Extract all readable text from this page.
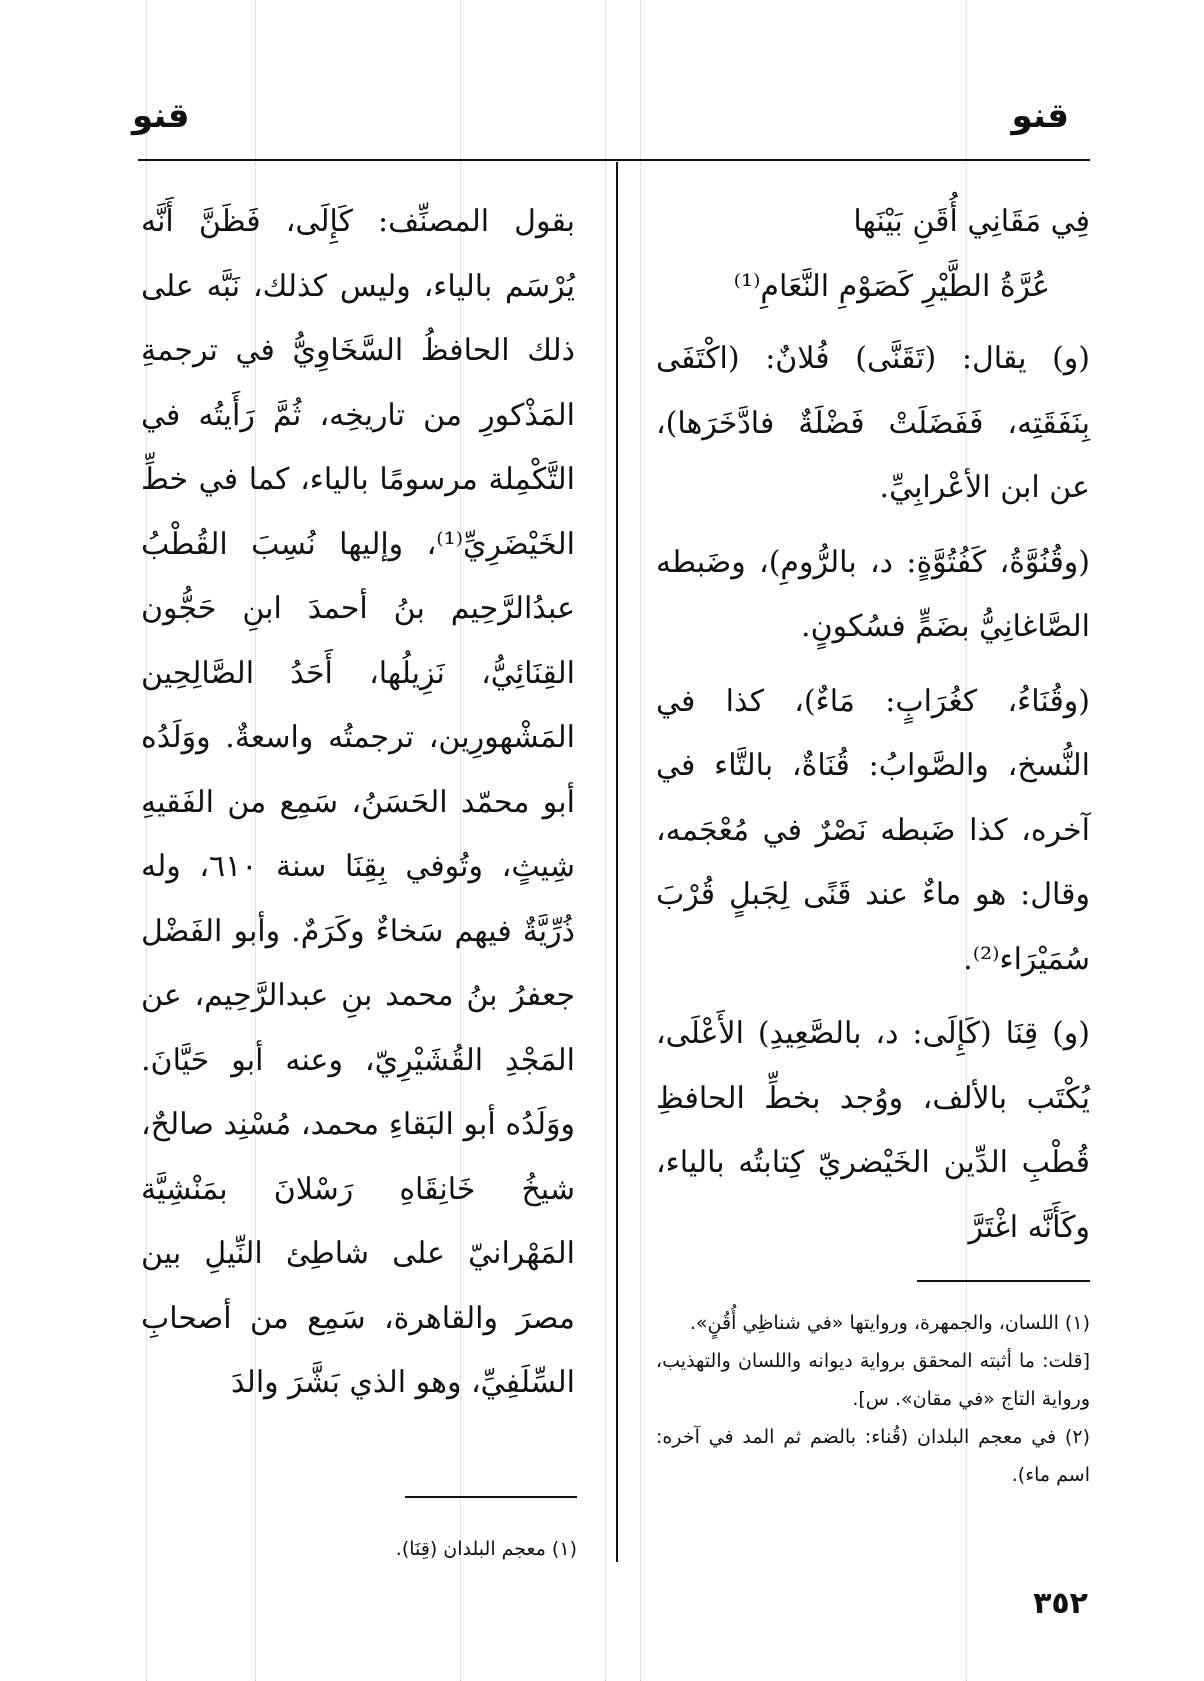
قنو
قنو

فِي مَقَانِي أُقَنِ بَيْنَها

عُرَّةُ الطَّيْرِ كَصَوْمِ النَّعَامِ⁽¹⁾

(و) يقال: (تَقَنَّى) فُلانٌ: (اكْتَفَى بِنَفَقَتِه، فَفَضَلَتْ فَضْلَةٌ فادَّخَرَها)، عن ابن الأعْرابِيِّ.

(وقُنُوَّةُ، كَفُتُوَّةٍ: د، بالرُّومِ)، وضَبطه الصَّاغانِيُّ بضَمٍّ فسُكونٍ.

(وقُنَاءُ، كغُرَابٍ: مَاءٌ)، كذا في النُّسخ، والصَّوابُ: قُنَاةٌ، بالتَّاء في آخره، كذا ضَبطه نَصْرٌ في مُعْجَمه، وقال: هو ماءٌ عند قَنًى لِجَبلٍ قُرْبَ سُمَيْرَاء⁽²⁾.

(و) قِنَا (كَإِلَى: د، بالصَّعِيدِ) الأَعْلَى، يُكْتَب بالألف، ووُجد بخطِّ الحافظِ قُطْبِ الدِّين الخَيْضريّ كِتابتُه بالياء، وكَأَنَّه اغْتَرَّ

بقول المصنِّف: كَإِلَى، فَظَنَّ أَنَّه يُرْسَم بالياء، وليس كذلك، نَبَّه على ذلك الحافظُ السَّخَاوِيُّ في ترجمةِ المَذْكورِ من تاريخِه، ثُمَّ رَأَيتُه في التَّكْمِلة مرسومًا بالياء، كما في خطِّ الخَيْضَرِيِّ⁽¹⁾، وإليها نُسِبَ القُطْبُ عبدُالرَّحِيم بنُ أحمدَ ابنِ حَجُّون القِنَائِيُّ، نَزِيلُها، أَحَدُ الصَّالِحِين المَشْهورِين، ترجمتُه واسعةٌ. ووَلَدُه أبو محمّد الحَسَنُ، سَمِع من الفَقيهِ شِيثٍ، وتُوفي بِقِنَا سنة ٦١٠، وله ذُرِّيَّةٌ فيهم سَخاءٌ وكَرَمٌ. وأبو الفَضْل جعفرُ بنُ محمد بنِ عبدالرَّحِيم، عن المَجْدِ القُشَيْرِيّ، وعنه أبو حَيَّانَ. ووَلَدُه أبو البَقاءِ محمد، مُسْنِد صالحٌ، شيخُ خَانِقَاهِ رَسْلانَ بمَنْشِيَّة المَهْرانيّ على شاطِئ النِّيلِ بين مصرَ والقاهرة، سَمِع من أصحابِ السِّلَفِيِّ، وهو الذي بَشَّرَ والدَ

(١) اللسان، والجمهرة، وروايتها «في شناظِي أُقُنٍ».

[قلت: ما أثبته المحقق برواية ديوانه واللسان والتهذيب، ورواية التاج «في مقان». س].

(٢) في معجم البلدان (قُناء: بالضم ثم المد في آخره: اسم ماء).

(١) معجم البلدان (قِنَا).

٣٥٢
